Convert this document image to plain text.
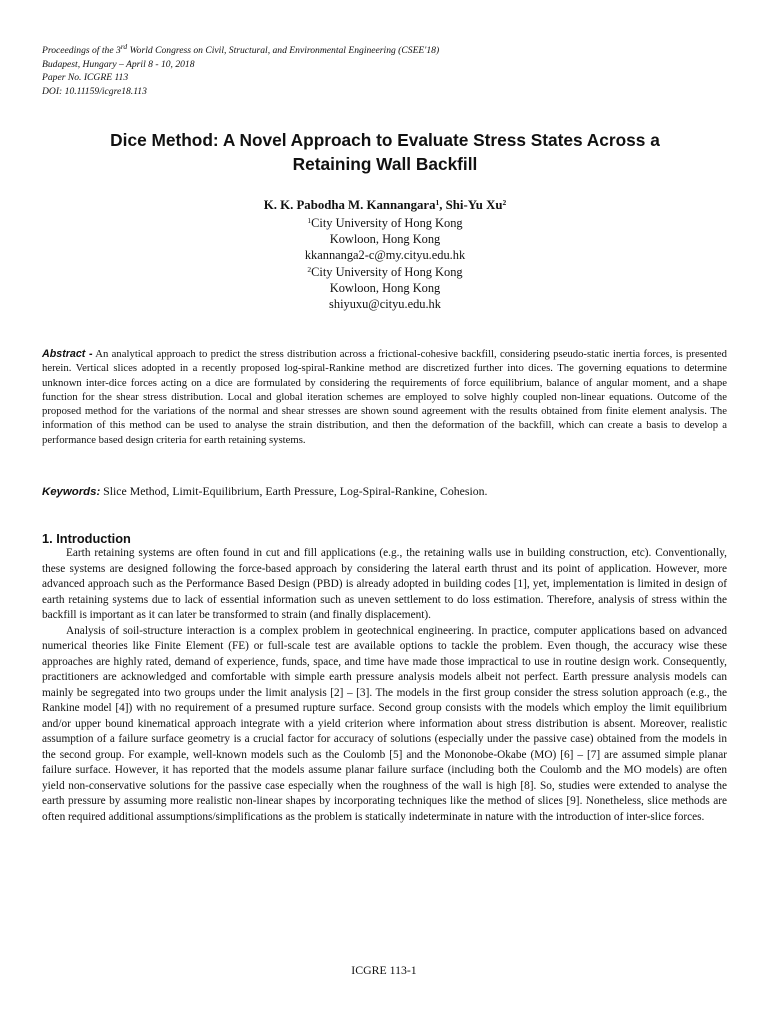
Proceedings of the 3rd World Congress on Civil, Structural, and Environmental Engineering (CSEE'18)
Budapest, Hungary – April 8 - 10, 2018
Paper No. ICGRE 113
DOI: 10.11159/icgre18.113
Dice Method: A Novel Approach to Evaluate Stress States Across a
Retaining Wall Backfill
K. K. Pabodha M. Kannangara$^1$, Shi-Yu Xu$^2$
$^1$City University of Hong Kong
Kowloon, Hong Kong
kkannanga2-c@my.cityu.edu.hk
$^2$City University of Hong Kong
Kowloon, Hong Kong
shiyuxu@cityu.edu.hk
Abstract - An analytical approach to predict the stress distribution across a frictional-cohesive backfill, considering pseudo-static inertia forces, is presented herein. Vertical slices adopted in a recently proposed log-spiral-Rankine method are discretized further into dices. The governing equations to determine unknown inter-dice forces acting on a dice are formulated by considering the requirements of force equilibrium, balance of angular moment, and a shape function for the shear stress distribution. Local and global iteration schemes are employed to solve highly coupled non-linear equations. Outcome of the proposed method for the variations of the normal and shear stresses are shown sound agreement with the results obtained from finite element analysis. The information of this method can be used to analyse the strain distribution, and then the deformation of the backfill, which can create a basis to develop a performance based design criteria for earth retaining systems.
Keywords: Slice Method, Limit-Equilibrium, Earth Pressure, Log-Spiral-Rankine, Cohesion.
1. Introduction

Earth retaining systems are often found in cut and fill applications (e.g., the retaining walls use in building construction, etc). Conventionally, these systems are designed following the force-based approach by considering the lateral earth thrust and its point of application. However, more advanced approach such as the Performance Based Design (PBD) is already adopted in building codes [1], yet, implementation is limited in design of earth retaining systems due to lack of essential information such as uneven settlement to do loss estimation. Therefore, analysis of stress within the backfill is important as it can later be transformed to strain (and finally displacement).

Analysis of soil-structure interaction is a complex problem in geotechnical engineering. In practice, computer applications based on advanced numerical theories like Finite Element (FE) or full-scale test are available options to tackle the problem. Even though, the accuracy wise these approaches are highly rated, demand of experience, funds, space, and time have made those impractical to use in routine design work. Consequently, practitioners are acknowledged and comfortable with simple earth pressure analysis models albeit not perfect. Earth pressure analysis models can mainly be segregated into two groups under the limit analysis [2] – [3]. The models in the first group consider the stress solution approach (e.g., the Rankine model [4]) with no requirement of a presumed rupture surface. Second group consists with the models which employ the limit equilibrium and/or upper bound kinematical approach integrate with a yield criterion where information about stress distribution is absent. Moreover, realistic assumption of a failure surface geometry is a crucial factor for accuracy of solutions (especially under the passive case) obtained from the models in the second group. For example, well-known models such as the Coulomb [5] and the Mononobe-Okabe (MO) [6] – [7] are assumed simple planar failure surface. However, it has reported that the models assume planar failure surface (including both the Coulomb and the MO models) are often yield non-conservative solutions for the passive case especially when the roughness of the wall is high [8]. So, studies were extended to analyse the earth pressure by assuming more realistic non-linear shapes by incorporating techniques like the method of slices [9]. Nonetheless, slice methods are often required additional assumptions/simplifications as the problem is statically indeterminate in nature with the introduction of inter-slice forces.

ICGRE 113-1
